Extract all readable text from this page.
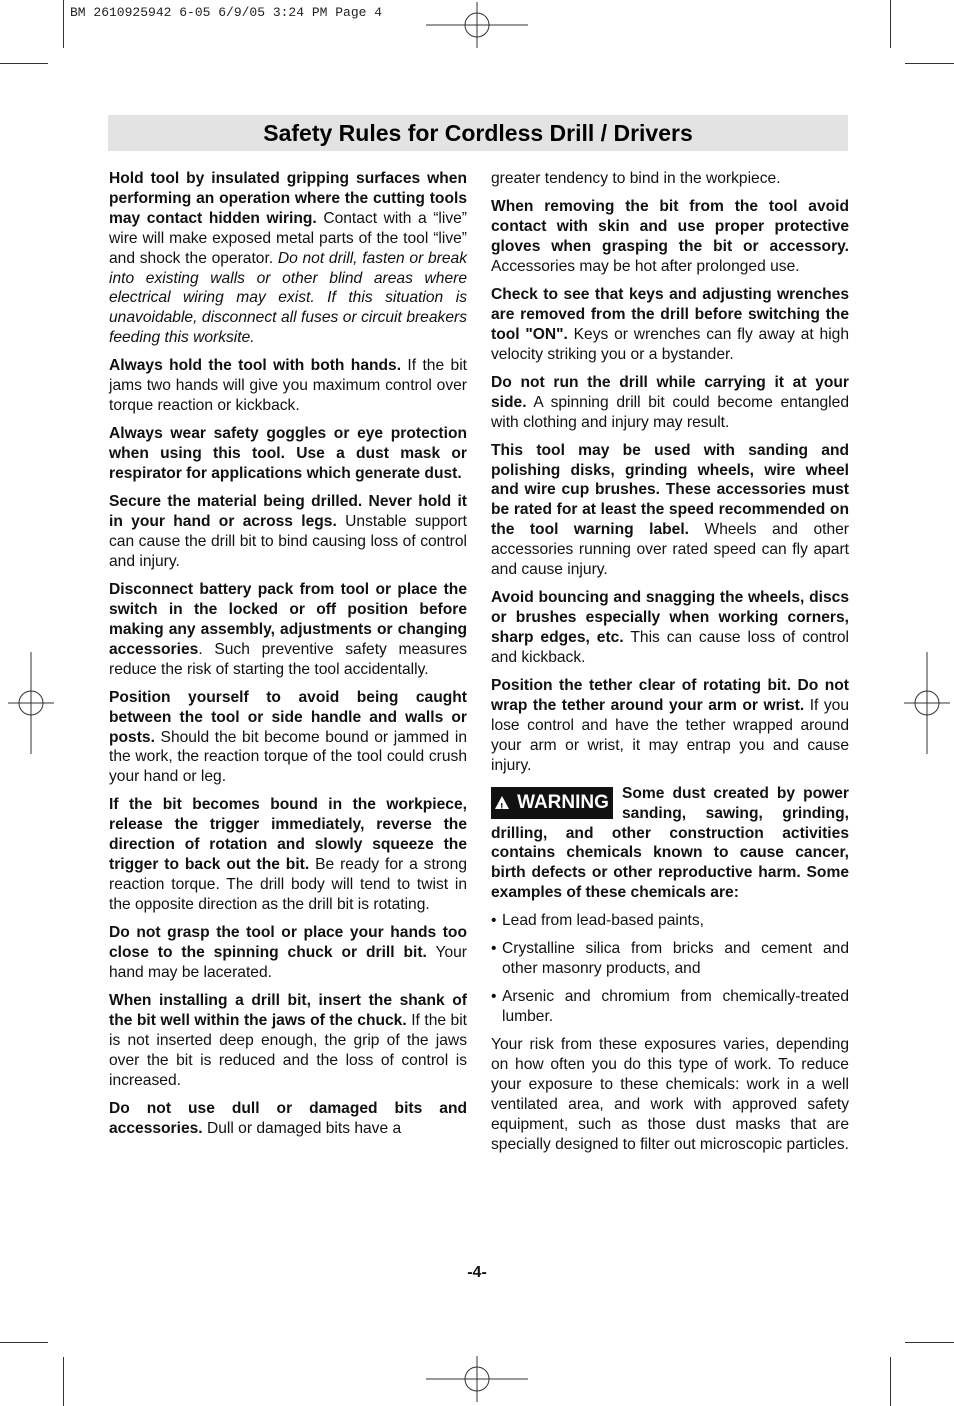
BM 2610925942 6-05 6/9/05 3:24 PM Page 4
Safety Rules for Cordless Drill / Drivers

Hold tool by insulated gripping surfaces when performing an operation where the cutting tools may contact hidden wiring. Contact with a “live” wire will make exposed metal parts of the tool “live” and shock the operator. Do not drill, fasten or break into existing walls or other blind areas where electrical wiring may exist. If this situation is unavoidable, disconnect all fuses or circuit breakers feeding this worksite.

Always hold the tool with both hands. If the bit jams two hands will give you maximum control over torque reaction or kickback.

Always wear safety goggles or eye protection when using this tool. Use a dust mask or respirator for applications which generate dust.

Secure the material being drilled. Never hold it in your hand or across legs. Unstable support can cause the drill bit to bind causing loss of control and injury.

Disconnect battery pack from tool or place the switch in the locked or off position before making any assembly, adjustments or changing accessories. Such preventive safety measures reduce the risk of starting the tool accidentally.

Position yourself to avoid being caught between the tool or side handle and walls or posts. Should the bit become bound or jammed in the work, the reaction torque of the tool could crush your hand or leg.

If the bit becomes bound in the workpiece, release the trigger immediately, reverse the direction of rotation and slowly squeeze the trigger to back out the bit. Be ready for a strong reaction torque. The drill body will tend to twist in the opposite direction as the drill bit is rotating.

Do not grasp the tool or place your hands too close to the spinning chuck or drill bit. Your hand may be lacerated.

When installing a drill bit, insert the shank of the bit well within the jaws of the chuck. If the bit is not inserted deep enough, the grip of the jaws over the bit is reduced and the loss of control is increased.

Do not use dull or damaged bits and accessories. Dull or damaged bits have a

greater tendency to bind in the workpiece.

When removing the bit from the tool avoid contact with skin and use proper protective gloves when grasping the bit or accessory. Accessories may be hot after prolonged use.

Check to see that keys and adjusting wrenches are removed from the drill before switching the tool "ON". Keys or wrenches can fly away at high velocity striking you or a bystander.

Do not run the drill while carrying it at your side. A spinning drill bit could become entangled with clothing and injury may result.

This tool may be used with sanding and polishing disks, grinding wheels, wire wheel and wire cup brushes. These accessories must be rated for at least the speed recommended on the tool warning label. Wheels and other accessories running over rated speed can fly apart and cause injury.

Avoid bouncing and snagging the wheels, discs or brushes especially when working corners, sharp edges, etc. This can cause loss of control and kickback.

Position the tether clear of rotating bit. Do not wrap the tether around your arm or wrist. If you lose control and have the tether wrapped around your arm or wrist, it may entrap you and cause injury.

! WARNING Some dust created by power sanding, sawing, grinding, drilling, and other construction activities contains chemicals known to cause cancer, birth defects or other reproductive harm. Some examples of these chemicals are:

• Lead from lead-based paints,
• Crystalline silica from bricks and cement and other masonry products, and
• Arsenic and chromium from chemically-treated lumber.

Your risk from these exposures varies, depending on how often you do this type of work. To reduce your exposure to these chemicals: work in a well ventilated area, and work with approved safety equipment, such as those dust masks that are specially designed to filter out microscopic particles.

-4-
